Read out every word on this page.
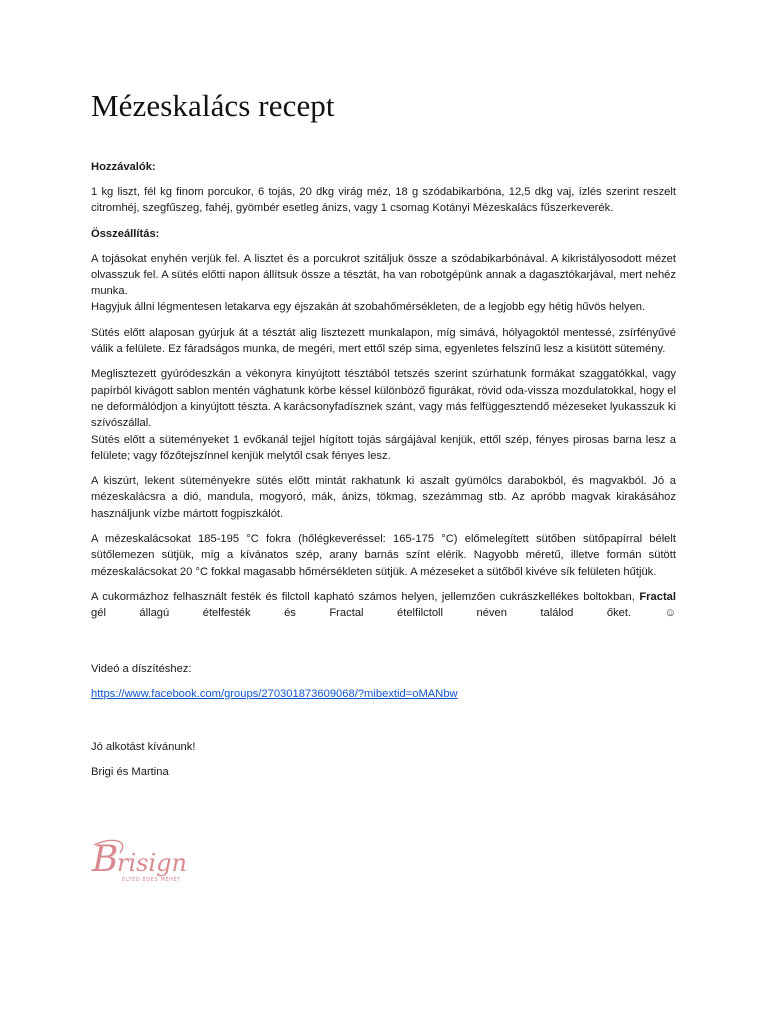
Mézeskalács recept
Hozzávalók:

1 kg liszt, fél kg finom porcukor, 6 tojás, 20 dkg virág méz, 18 g szódabikarbóna, 12,5 dkg vaj, ízlés szerint reszelt citromhéj, szegfűszeg, fahéj, gyömbér esetleg ánizs, vagy 1 csomag Kotányi Mézeskalács fűszerkeverék.

Összeállítás:

A tojásokat enyhén verjük fel. A lisztet és a porcukrot szitáljuk össze a szódabikarbónával. A kikristályosodott mézet olvasszuk fel. A sütés előtti napon állítsuk össze a tésztát, ha van robotgépünk annak a dagasztókarjával, mert nehéz munka.
Hagyjuk állni légmentesen letakarva egy éjszakán át szobahőmérsékleten, de a legjobb egy hétig hűvös helyen.

Sütés előtt alaposan gyúrjuk át a tésztát alig lisztezett munkalapon, míg simává, hólyagoktól mentessé, zsírfényűvé válik a felülete. Ez fáradságos munka, de megéri, mert ettől szép sima, egyenletes felszínű lesz a kisütött sütemény.

Meglisztezett gyúródeszkán a vékonyra kinyújtott tésztából tetszés szerint szúrhatunk formákat szaggatókkal, vagy papírból kivágott sablon mentén vághatunk körbe késsel különböző figurákat, rövid oda-vissza mozdulatokkal, hogy el ne deformálódjon a kinyújtott tészta. A karácsonyfadísznek szánt, vagy más felfüggesztendő mézeseket lyukasszuk ki szívószállal.
Sütés előtt a süteményeket 1 evőkanál tejjel hígított tojás sárgájával kenjük, ettől szép, fényes pirosas barna lesz a felülete; vagy főzőtejszínnel kenjük melytől csak fényes lesz.

A kiszúrt, lekent süteményekre sütés előtt mintát rakhatunk ki aszalt gyümölcs darabokból, és magvakból. Jó a mézeskalácsra a dió, mandula, mogyoró, mák, ánizs, tökmag, szezámmag stb. Az apróbb magvak kirakásához használjunk vízbe mártott fogpiszkálót.

A mézeskalácsokat 185-195 °C fokra (hőlégkeveréssel: 165-175 °C) előmelegített sütőben sütőpapírral bélelt sütőlemezen sütjük, míg a kívánatos szép, arany barnás színt elérik. Nagyobb méretű, illetve formán sütött mézeskalácsokat 20 °C fokkal magasabb hőmérsékleten sütjük. A mézeseket a sütőből kivéve sík felületen hűtjük.

A cukormázhoz felhasznált festék és filctoll kapható számos helyen, jellemzően cukrászkellékes boltokban, Fractal gél állagú ételfesték és Fractal ételfilctoll néven találod őket. ☺

Videó a díszítéshez:

https://www.facebook.com/groups/270301873609068/?mibextid=oMANbw

Jó alkotást kívánunk!

Brigi és Martina

B
risign
ÉLTED ÉDES MÉHÉT
